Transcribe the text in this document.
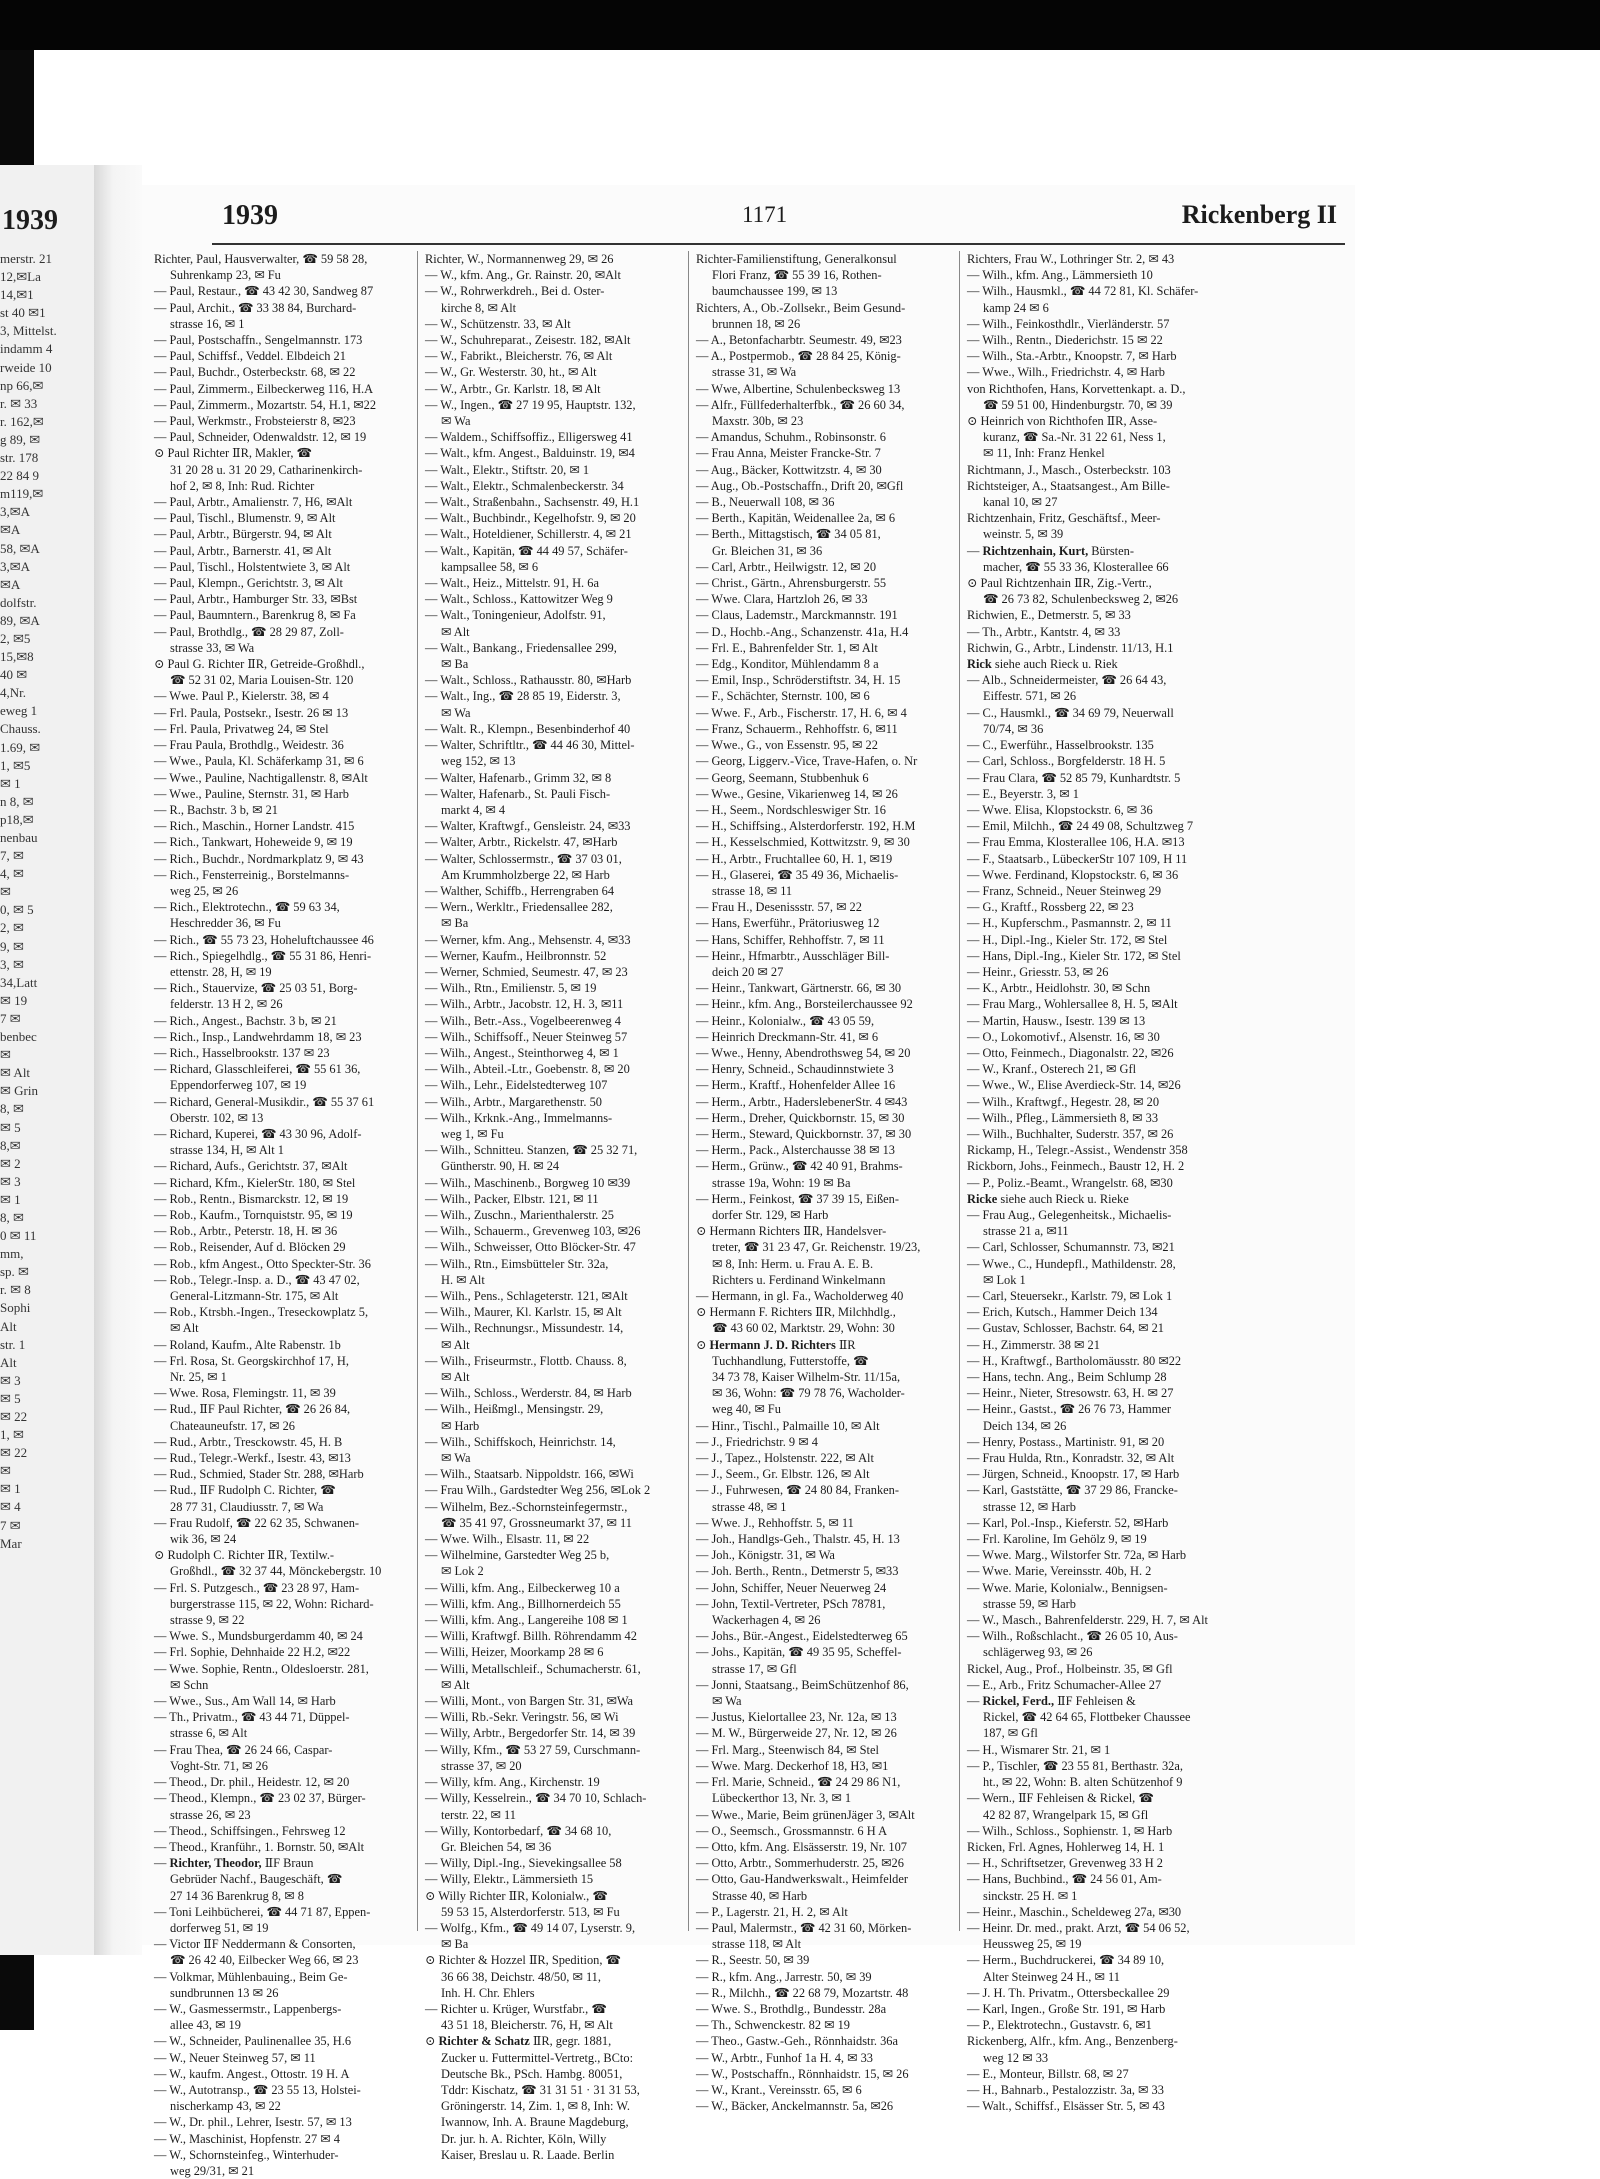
1939
merstr. 21
12,✉La
14,✉1
st 40 ✉1
3, Mittelst.
indamm 4
rweide 10
np 66,✉
r. ✉ 33
r. 162,✉
g 89, ✉
str. 178
22 84 9
m119,✉
3,✉A
✉A
58, ✉A
3,✉A
✉A
dolfstr.
89, ✉A
2, ✉5
15,✉8
40 ✉
4,Nr.
eweg 1
Chauss.
1.69, ✉
1, ✉5
✉ 1
n 8, ✉
p18,✉
nenbau
7, ✉
4, ✉
✉
0, ✉ 5
2, ✉
9, ✉
3, ✉
34,Latt
✉ 19
7 ✉
benbec
✉
✉ Alt
✉ Grin
8, ✉
✉ 5
8,✉
✉ 2
✉ 3
✉ 1
8, ✉
0 ✉ 11
mm,
sp. ✉
r. ✉ 8
Sophi
Alt
str. 1
Alt
✉ 3
✉ 5
✉ 22
1, ✉
✉ 22
✉
✉ 1
✉ 4
7 ✉
Mar
1939	1171	Rickenberg II

Richter, Paul, Hausverwalter, ☎ 59 58 28,

Suhrenkamp 23, ✉ Fu

— Paul, Restaur., ☎ 43 42 30, Sandweg 87

— Paul, Archit., ☎ 33 38 84, Burchard-

strasse 16, ✉ 1

— Paul, Postschaffn., Sengelmannstr. 173

— Paul, Schiffsf., Veddel. Elbdeich 21

— Paul, Buchdr., Osterbeckstr. 68, ✉ 22

— Paul, Zimmerm., Eilbeckerweg 116, H.A

— Paul, Zimmerm., Mozartstr. 54, H.1, ✉22

— Paul, Werkmstr., Frobsteierstr 8, ✉23

— Paul, Schneider, Odenwaldstr. 12, ✉ 19

⊙ Paul Richter ⅡR, Makler, ☎

31 20 28 u. 31 20 29, Catharinenkirch-

hof 2, ✉ 8, Inh: Rud. Richter

— Paul, Arbtr., Amalienstr. 7, H6, ✉Alt

— Paul, Tischl., Blumenstr. 9, ✉ Alt

— Paul, Arbtr., Bürgerstr. 94, ✉ Alt

— Paul, Arbtr., Barnerstr. 41, ✉ Alt

— Paul, Tischl., Holstentwiete 3, ✉ Alt

— Paul, Klempn., Gerichtstr. 3, ✉ Alt

— Paul, Arbtr., Hamburger Str. 33, ✉Bst

— Paul, Baumntern., Barenkrug 8, ✉ Fa

— Paul, Brothdlg., ☎ 28 29 87, Zoll-

strasse 33, ✉ Wa

⊙ Paul G. Richter ⅡR, Getreide-Großhdl.,

☎ 52 31 02, Maria Louisen-Str. 120

— Wwe. Paul P., Kielerstr. 38, ✉ 4

— Frl. Paula, Postsekr., Isestr. 26 ✉ 13

— Frl. Paula, Privatweg 24, ✉ Stel

— Frau Paula, Brothdlg., Weidestr. 36

— Wwe., Paula, Kl. Schäferkamp 31, ✉ 6

— Wwe., Pauline, Nachtigallenstr. 8, ✉Alt

— Wwe., Pauline, Sternstr. 31, ✉ Harb

— R., Bachstr. 3 b, ✉ 21

— Rich., Maschin., Horner Landstr. 415

— Rich., Tankwart, Hoheweide 9, ✉ 19

— Rich., Buchdr., Nordmarkplatz 9, ✉ 43

— Rich., Fensterreinig., Borstelmanns-

weg 25, ✉ 26

— Rich., Elektrotechn., ☎ 59 63 34,

Heschredder 36, ✉ Fu

— Rich., ☎ 55 73 23, Hoheluftchaussee 46

— Rich., Spiegelhdlg., ☎ 55 31 86, Henri-

ettenstr. 28, H, ✉ 19

— Rich., Stauervize, ☎ 25 03 51, Borg-

felderstr. 13 H 2, ✉ 26

— Rich., Angest., Bachstr. 3 b, ✉ 21

— Rich., Insp., Landwehrdamm 18, ✉ 23

— Rich., Hasselbrookstr. 137 ✉ 23

— Richard, Glasschleiferei, ☎ 55 61 36,

Eppendorferweg 107, ✉ 19

— Richard, General-Musikdir., ☎ 55 37 61

Oberstr. 102, ✉ 13

— Richard, Kuperei, ☎ 43 30 96, Adolf-

strasse 134, H, ✉ Alt 1

— Richard, Aufs., Gerichtstr. 37, ✉Alt

— Richard, Kfm., KielerStr. 180, ✉ Stel

— Rob., Rentn., Bismarckstr. 12, ✉ 19

— Rob., Kaufm., Tornquiststr. 95, ✉ 19

— Rob., Arbtr., Peterstr. 18, H. ✉ 36

— Rob., Reisender, Auf d. Blöcken 29

— Rob., kfm Angest., Otto Speckter-Str. 36

— Rob., Telegr.-Insp. a. D., ☎ 43 47 02,

General-Litzmann-Str. 175, ✉ Alt

— Rob., Ktrsbh.-Ingen., Treseckowplatz 5,

✉ Alt

— Roland, Kaufm., Alte Rabenstr. 1b

— Frl. Rosa, St. Georgskirchhof 17, H,

Nr. 25, ✉ 1

— Wwe. Rosa, Flemingstr. 11, ✉ 39

— Rud., ⅡF Paul Richter, ☎ 26 26 84,

Chateauneufstr. 17, ✉ 26

— Rud., Arbtr., Tresckowstr. 45, H. B

— Rud., Telegr.-Werkf., Isestr. 43, ✉13

— Rud., Schmied, Stader Str. 288, ✉Harb

— Rud., ⅡF Rudolph C. Richter, ☎

28 77 31, Claudiusstr. 7, ✉ Wa

— Frau Rudolf, ☎ 22 62 35, Schwanen-

wik 36, ✉ 24

⊙ Rudolph C. Richter ⅡR, Textilw.-

Großhdl., ☎ 32 37 44, Mönckebergstr. 10

— Frl. S. Putzgesch., ☎ 23 28 97, Ham-

burgerstrasse 115, ✉ 22, Wohn: Richard-

strasse 9, ✉ 22

— Wwe. S., Mundsburgerdamm 40, ✉ 24

— Frl. Sophie, Dehnhaide 22 H.2, ✉22

— Wwe. Sophie, Rentn., Oldesloerstr. 281,

✉ Schn

— Wwe., Sus., Am Wall 14, ✉ Harb

— Th., Privatm., ☎ 43 44 71, Düppel-

strasse 6, ✉ Alt

— Frau Thea, ☎ 26 24 66, Caspar-

Voght-Str. 71, ✉ 26

— Theod., Dr. phil., Heidestr. 12, ✉ 20

— Theod., Klempn., ☎ 23 02 37, Bürger-

strasse 26, ✉ 23

— Theod., Schiffsingen., Fehrsweg 12

— Theod., Kranführ., 1. Bornstr. 50, ✉Alt

— Richter, Theodor, ⅡF Braun

Gebrüder Nachf., Baugeschäft, ☎

27 14 36 Barenkrug 8, ✉ 8

— Toni Leihbücherei, ☎ 44 71 87, Eppen-

dorferweg 51, ✉ 19

— Victor ⅡF Neddermann & Consorten,

☎ 26 42 40, Eilbecker Weg 66, ✉ 23

— Volkmar, Mühlenbauing., Beim Ge-

sundbrunnen 13 ✉ 26

— W., Gasmessermstr., Lappenbergs-

allee 43, ✉ 19

— W., Schneider, Paulinenallee 35, H.6

— W., Neuer Steinweg 57, ✉ 11

— W., kaufm. Angest., Ottostr. 19 H. A

— W., Autotransp., ☎ 23 55 13, Holstei-

nischerkamp 43, ✉ 22

— W., Dr. phil., Lehrer, Isestr. 57, ✉ 13

— W., Maschinist, Hopfenstr. 27 ✉ 4

— W., Schornsteinfeg., Winterhuder-

weg 29/31, ✉ 21

Richter, W., Normannenweg 29, ✉ 26

— W., kfm. Ang., Gr. Rainstr. 20, ✉Alt

— W., Rohrwerkdreh., Bei d. Oster-

kirche 8, ✉ Alt

— W., Schützenstr. 33, ✉ Alt

— W., Schuhreparat., Zeisestr. 182, ✉Alt

— W., Fabrikt., Bleicherstr. 76, ✉ Alt

— W., Gr. Westerstr. 30, ht., ✉ Alt

— W., Arbtr., Gr. Karlstr. 18, ✉ Alt

— W., Ingen., ☎ 27 19 95, Hauptstr. 132,

✉ Wa

— Waldem., Schiffsoffiz., Elligersweg 41

— Walt., kfm. Angest., Balduinstr. 19, ✉4

— Walt., Elektr., Stiftstr. 20, ✉ 1

— Walt., Elektr., Schmalenbeckerstr. 34

— Walt., Straßenbahn., Sachsenstr. 49, H.1

— Walt., Buchbindr., Kegelhofstr. 9, ✉ 20

— Walt., Hoteldiener, Schillerstr. 4, ✉ 21

— Walt., Kapitän, ☎ 44 49 57, Schäfer-

kampsallee 58, ✉ 6

— Walt., Heiz., Mittelstr. 91, H. 6a

— Walt., Schloss., Kattowitzer Weg 9

— Walt., Toningenieur, Adolfstr. 91,

✉ Alt

— Walt., Bankang., Friedensallee 299,

✉ Ba

— Walt., Schloss., Rathausstr. 80, ✉Harb

— Walt., Ing., ☎ 28 85 19, Eiderstr. 3,

✉ Wa

— Walt. R., Klempn., Besenbinderhof 40

— Walter, Schriftltr., ☎ 44 46 30, Mittel-

weg 152, ✉ 13

— Walter, Hafenarb., Grimm 32, ✉ 8

— Walter, Hafenarb., St. Pauli Fisch-

markt 4, ✉ 4

— Walter, Kraftwgf., Gensleistr. 24, ✉33

— Walter, Arbtr., Rickelstr. 47, ✉Harb

— Walter, Schlossermstr., ☎ 37 03 01,

Am Krummholzberge 22, ✉ Harb

— Walther, Schiffb., Herrengraben 64

— Wern., Werkltr., Friedensallee 282,

✉ Ba

— Werner, kfm. Ang., Mehsenstr. 4, ✉33

— Werner, Kaufm., Heilbronnstr. 52

— Werner, Schmied, Seumestr. 47, ✉ 23

— Wilh., Rtn., Emilienstr. 5, ✉ 19

— Wilh., Arbtr., Jacobstr. 12, H. 3, ✉11

— Wilh., Betr.-Ass., Vogelbeerenweg 4

— Wilh., Schiffsoff., Neuer Steinweg 57

— Wilh., Angest., Steinthorweg 4, ✉ 1

— Wilh., Abteil.-Ltr., Goebenstr. 8, ✉ 20

— Wilh., Lehr., Eidelstedterweg 107

— Wilh., Arbtr., Margarethenstr. 50

— Wilh., Krknk.-Ang., Immelmanns-

weg 1, ✉ Fu

— Wilh., Schnitteu. Stanzen, ☎ 25 32 71,

Güntherstr. 90, H. ✉ 24

— Wilh., Maschinenb., Borgweg 10 ✉39

— Wilh., Packer, Elbstr. 121, ✉ 11

— Wilh., Zuschn., Marienthalerstr. 25

— Wilh., Schauerm., Grevenweg 103, ✉26

— Wilh., Schweisser, Otto Blöcker-Str. 47

— Wilh., Rtn., Eimsbütteler Str. 32a,

H. ✉ Alt

— Wilh., Pens., Schlageterstr. 121, ✉Alt

— Wilh., Maurer, Kl. Karlstr. 15, ✉ Alt

— Wilh., Rechnungsr., Missundestr. 14,

✉ Alt

— Wilh., Friseurmstr., Flottb. Chauss. 8,

✉ Alt

— Wilh., Schloss., Werderstr. 84, ✉ Harb

— Wilh., Heißmgl., Mensingstr. 29,

✉ Harb

— Wilh., Schiffskoch, Heinrichstr. 14,

✉ Wa

— Wilh., Staatsarb. Nippoldstr. 166, ✉Wi

— Frau Wilh., Gardstedter Weg 256, ✉Lok 2

— Wilhelm, Bez.-Schornsteinfegermstr.,

☎ 35 41 97, Grossneumarkt 37, ✉ 11

— Wwe. Wilh., Elsastr. 11, ✉ 22

— Wilhelmine, Garstedter Weg 25 b,

✉ Lok 2

— Willi, kfm. Ang., Eilbeckerweg 10 a

— Willi, kfm. Ang., Billhornerdeich 55

— Willi, kfm. Ang., Langereihe 108 ✉ 1

— Willi, Kraftwgf. Billh. Röhrendamm 42

— Willi, Heizer, Moorkamp 28 ✉ 6

— Willi, Metallschleif., Schumacherstr. 61,

✉ Alt

— Willi, Mont., von Bargen Str. 31, ✉Wa

— Willi, Rb.-Sekr. Veringstr. 56, ✉ Wi

— Willy, Arbtr., Bergedorfer Str. 14, ✉ 39

— Willy, Kfm., ☎ 53 27 59, Curschmann-

strasse 37, ✉ 20

— Willy, kfm. Ang., Kirchenstr. 19

— Willy, Kesselrein., ☎ 34 70 10, Schlach-

terstr. 22, ✉ 11

— Willy, Kontorbedarf, ☎ 34 68 10,

Gr. Bleichen 54, ✉ 36

— Willy, Dipl.-Ing., Sievekingsallee 58

— Willy, Elektr., Lämmersieth 15

⊙ Willy Richter ⅡR, Kolonialw., ☎

59 53 15, Alsterdorferstr. 513, ✉ Fu

— Wolfg., Kfm., ☎ 49 14 07, Lyserstr. 9,

✉ Ba

⊙ Richter & Hozzel ⅡR, Spedition, ☎

36 66 38, Deichstr. 48/50, ✉ 11,

Inh. H. Chr. Ehlers

— Richter u. Krüger, Wurstfabr., ☎

43 51 18, Bleicherstr. 76, H, ✉ Alt

⊙ Richter & Schatz ⅡR, gegr. 1881,

Zucker u. Futtermittel-Vertretg., BCto:

Deutsche Bk., PSch. Hambg. 80051,

Tddr: Kischatz, ☎ 31 31 51 · 31 31 53,

Gröningerstr. 14, Zim. 1, ✉ 8, Inh: W.

Iwannow, Inh. A. Braune Magdeburg,

Dr. jur. h. A. Richter, Köln, Willy

Kaiser, Breslau u. R. Laade. Berlin

Richter-Familienstiftung, Generalkonsul

Flori Franz, ☎ 55 39 16, Rothen-

baumchaussee 199, ✉ 13

Richters, A., Ob.-Zollsekr., Beim Gesund-

brunnen 18, ✉ 26

— A., Betonfacharbtr. Seumestr. 49, ✉23

— A., Postpermob., ☎ 28 84 25, König-

strasse 31, ✉ Wa

— Wwe, Albertine, Schulenbecksweg 13

— Alfr., Füllfederhalterfbk., ☎ 26 60 34,

Maxstr. 30b, ✉ 23

— Amandus, Schuhm., Robinsonstr. 6

— Frau Anna, Meister Francke-Str. 7

— Aug., Bäcker, Kottwitzstr. 4, ✉ 30

— Aug., Ob.-Postschaffn., Drift 20, ✉Gfl

— B., Neuerwall 108, ✉ 36

— Berth., Kapitän, Weidenallee 2a, ✉ 6

— Berth., Mittagstisch, ☎ 34 05 81,

Gr. Bleichen 31, ✉ 36

— Carl, Arbtr., Heilwigstr. 12, ✉ 20

— Christ., Gärtn., Ahrensburgerstr. 55

— Wwe. Clara, Hartzloh 26, ✉ 33

— Claus, Lademstr., Marckmannstr. 191

— D., Hochb.-Ang., Schanzenstr. 41a, H.4

— Frl. E., Bahrenfelder Str. 1, ✉ Alt

— Edg., Konditor, Mühlendamm 8 a

— Emil, Insp., Schröderstiftstr. 34, H. 15

— F., Schächter, Sternstr. 100, ✉ 6

— Wwe. F., Arb., Fischerstr. 17, H. 6, ✉ 4

— Franz, Schauerm., Rehhoffstr. 6, ✉11

— Wwe., G., von Essenstr. 95, ✉ 22

— Georg, Liggerv.-Vice, Trave-Hafen, o. Nr

— Georg, Seemann, Stubbenhuk 6

— Wwe., Gesine, Vikarienweg 14, ✉ 26

— H., Seem., Nordschleswiger Str. 16

— H., Schiffsing., Alsterdorferstr. 192, H.M

— H., Kesselschmied, Kottwitzstr. 9, ✉ 30

— H., Arbtr., Fruchtallee 60, H. 1, ✉19

— H., Glaserei, ☎ 35 49 36, Michaelis-

strasse 18, ✉ 11

— Frau H., Desenissstr. 57, ✉ 22

— Hans, Ewerführ., Prätoriusweg 12

— Hans, Schiffer, Rehhoffstr. 7, ✉ 11

— Heinr., Hfmarbtr., Ausschläger Bill-

deich 20 ✉ 27

— Heinr., Tankwart, Gärtnerstr. 66, ✉ 30

— Heinr., kfm. Ang., Borsteilerchaussee 92

— Heinr., Kolonialw., ☎ 43 05 59,

— Heinrich Dreckmann-Str. 41, ✉ 6

— Wwe., Henny, Abendrothsweg 54, ✉ 20

— Henry, Schneid., Schaudinnstwiete 3

— Herm., Kraftf., Hohenfelder Allee 16

— Herm., Arbtr., HaderslebenerStr. 4 ✉43

— Herm., Dreher, Quickbornstr. 15, ✉ 30

— Herm., Steward, Quickbornstr. 37, ✉ 30

— Herm., Pack., Alsterchausse 38 ✉ 13

— Herm., Grünw., ☎ 42 40 91, Brahms-

strasse 19a, Wohn: 19 ✉ Ba

— Herm., Feinkost, ☎ 37 39 15, Eißen-

dorfer Str. 129, ✉ Harb

⊙ Hermann Richters ⅡR, Handelsver-

treter, ☎ 31 23 47, Gr. Reichenstr. 19/23,

✉ 8, Inh: Herm. u. Frau A. E. B.

Richters u. Ferdinand Winkelmann

— Hermann, in gl. Fa., Wacholderweg 40

⊙ Hermann F. Richters ⅡR, Milchhdlg.,

☎ 43 60 02, Marktstr. 29, Wohn: 30

⊙ Hermann J. D. Richters ⅡR

Tuchhandlung, Futterstoffe, ☎

34 73 78, Kaiser Wilhelm-Str. 11/15a,

✉ 36, Wohn: ☎ 79 78 76, Wacholder-

weg 40, ✉ Fu

— Hinr., Tischl., Palmaille 10, ✉ Alt

— J., Friedrichstr. 9 ✉ 4

— J., Tapez., Holstenstr. 222, ✉ Alt

— J., Seem., Gr. Elbstr. 126, ✉ Alt

— J., Fuhrwesen, ☎ 24 80 84, Franken-

strasse 48, ✉ 1

— Wwe. J., Rehhoffstr. 5, ✉ 11

— Joh., Handlgs-Geh., Thalstr. 45, H. 13

— Joh., Königstr. 31, ✉ Wa

— Joh. Berth., Rentn., Detmerstr 5, ✉33

— John, Schiffer, Neuer Neuerweg 24

— John, Textil-Vertreter, PSch 78781,

Wackerhagen 4, ✉ 26

— Johs., Bür.-Angest., Eidelstedterweg 65

— Johs., Kapitän, ☎ 49 35 95, Scheffel-

strasse 17, ✉ Gfl

— Jonni, Staatsang., BeimSchützenhof 86,

✉ Wa

— Justus, Kielortallee 23, Nr. 12a, ✉ 13

— M. W., Bürgerweide 27, Nr. 12, ✉ 26

— Frl. Marg., Steenwisch 84, ✉ Stel

— Wwe. Marg. Deckerhof 18, H3, ✉1

— Frl. Marie, Schneid., ☎ 24 29 86 N1,

Lübeckerthor 13, Nr. 3, ✉ 1

— Wwe., Marie, Beim grünenJäger 3, ✉Alt

— O., Seemsch., Grossmannstr. 6 H A

— Otto, kfm. Ang. Elsässerstr. 19, Nr. 107

— Otto, Arbtr., Sommerhuderstr. 25, ✉26

— Otto, Gau-Handwerkswalt., Heimfelder

Strasse 40, ✉ Harb

— P., Lagerstr. 21, H. 2, ✉ Alt

— Paul, Malermstr., ☎ 42 31 60, Mörken-

strasse 118, ✉ Alt

— R., Seestr. 50, ✉ 39

— R., kfm. Ang., Jarrestr. 50, ✉ 39

— R., Milchh., ☎ 22 68 79, Mozartstr. 48

— Wwe. S., Brothdlg., Bundesstr. 28a

— Th., Schwenckestr. 82 ✉ 19

— Theo., Gastw.-Geh., Rönnhaidstr. 36a

— W., Arbtr., Funhof 1a H. 4, ✉ 33

— W., Postschaffn., Rönnhaidstr. 15, ✉ 26

— W., Krant., Vereinsstr. 65, ✉ 6

— W., Bäcker, Anckelmannstr. 5a, ✉26

Richters, Frau W., Lothringer Str. 2, ✉ 43

— Wilh., kfm. Ang., Lämmersieth 10

— Wilh., Hausmkl., ☎ 44 72 81, Kl. Schäfer-

kamp 24 ✉ 6

— Wilh., Feinkosthdlr., Vierländerstr. 57

— Wilh., Rentn., Diederichstr. 15 ✉ 22

— Wilh., Sta.-Arbtr., Knoopstr. 7, ✉ Harb

— Wwe., Wilh., Friedrichstr. 4, ✉ Harb

von Richthofen, Hans, Korvettenkapt. a. D.,

☎ 59 51 00, Hindenburgstr. 70, ✉ 39

⊙ Heinrich von Richthofen ⅡR, Asse-

kuranz, ☎ Sa.-Nr. 31 22 61, Ness 1,

✉ 11, Inh: Franz Henkel

Richtmann, J., Masch., Osterbeckstr. 103

Richtsteiger, A., Staatsangest., Am Bille-

kanal 10, ✉ 27

Richtzenhain, Fritz, Geschäftsf., Meer-

weinstr. 5, ✉ 39

— Richtzenhain, Kurt, Bürsten-

macher, ☎ 55 33 36, Klosterallee 66

⊙ Paul Richtzenhain ⅡR, Zig.-Vertr.,

☎ 26 73 82, Schulenbecksweg 2, ✉26

Richwien, E., Detmerstr. 5, ✉ 33

— Th., Arbtr., Kantstr. 4, ✉ 33

Richwin, G., Arbtr., Lindenstr. 11/13, H.1

Rick siehe auch Rieck u. Riek

— Alb., Schneidermeister, ☎ 26 64 43,

Eiffestr. 571, ✉ 26

— C., Hausmkl., ☎ 34 69 79, Neuerwall

70/74, ✉ 36

— C., Ewerführ., Hasselbrookstr. 135

— Carl, Schloss., Borgfelderstr. 18 H. 5

— Frau Clara, ☎ 52 85 79, Kunhardtstr. 5

— E., Beyerstr. 3, ✉ 1

— Wwe. Elisa, Klopstockstr. 6, ✉ 36

— Emil, Milchh., ☎ 24 49 08, Schultzweg 7

— Frau Emma, Klosterallee 106, H.A. ✉13

— F., Staatsarb., LübeckerStr 107 109, H 11

— Wwe. Ferdinand, Klopstockstr. 6, ✉ 36

— Franz, Schneid., Neuer Steinweg 29

— G., Kraftf., Rossberg 22, ✉ 23

— H., Kupferschm., Pasmannstr. 2, ✉ 11

— H., Dipl.-Ing., Kieler Str. 172, ✉ Stel

— Hans, Dipl.-Ing., Kieler Str. 172, ✉ Stel

— Heinr., Griesstr. 53, ✉ 26

— K., Arbtr., Heidlohstr. 30, ✉ Schn

— Frau Marg., Wohlersallee 8, H. 5, ✉Alt

— Martin, Hausw., Isestr. 139 ✉ 13

— O., Lokomotivf., Alsenstr. 16, ✉ 30

— Otto, Feinmech., Diagonalstr. 22, ✉26

— W., Kranf., Osterech 21, ✉ Gfl

— Wwe., W., Elise Averdieck-Str. 14, ✉26

— Wilh., Kraftwgf., Hegestr. 28, ✉ 20

— Wilh., Pfleg., Lämmersieth 8, ✉ 33

— Wilh., Buchhalter, Suderstr. 357, ✉ 26

Rickamp, H., Telegr.-Assist., Wendenstr 358

Rickborn, Johs., Feinmech., Baustr 12, H. 2

— P., Poliz.-Beamt., Wrangelstr. 68, ✉30

Ricke siehe auch Rieck u. Rieke

— Frau Aug., Gelegenheitsk., Michaelis-

strasse 21 a, ✉11

— Carl, Schlosser, Schumannstr. 73, ✉21

— Wwe., C., Hundepfl., Mathildenstr. 28,

✉ Lok 1

— Carl, Steuersekr., Karlstr. 79, ✉ Lok 1

— Erich, Kutsch., Hammer Deich 134

— Gustav, Schlosser, Bachstr. 64, ✉ 21

— H., Zimmerstr. 38 ✉ 21

— H., Kraftwgf., Bartholomäusstr. 80 ✉22

— Hans, techn. Ang., Beim Schlump 28

— Heinr., Nieter, Stresowstr. 63, H. ✉ 27

— Heinr., Gastst., ☎ 26 76 73, Hammer

Deich 134, ✉ 26

— Henry, Postass., Martinistr. 91, ✉ 20

— Frau Hulda, Rtn., Konradstr. 32, ✉ Alt

— Jürgen, Schneid., Knoopstr. 17, ✉ Harb

— Karl, Gaststätte, ☎ 37 29 86, Francke-

strasse 12, ✉ Harb

— Karl, Pol.-Insp., Kieferstr. 52, ✉Harb

— Frl. Karoline, Im Gehölz 9, ✉ 19

— Wwe. Marg., Wilstorfer Str. 72a, ✉ Harb

— Wwe. Marie, Vereinsstr. 40b, H. 2

— Wwe. Marie, Kolonialw., Bennigsen-

strasse 59, ✉ Harb

— W., Masch., Bahrenfelderstr. 229, H. 7, ✉ Alt

— Wilh., Roßschlacht., ☎ 26 05 10, Aus-

schlägerweg 93, ✉ 26

Rickel, Aug., Prof., Holbeinstr. 35, ✉ Gfl

— E., Arb., Fritz Schumacher-Allee 27

— Rickel, Ferd., ⅡF Fehleisen &

Rickel, ☎ 42 64 65, Flottbeker Chaussee

187, ✉ Gfl

— H., Wismarer Str. 21, ✉ 1

— P., Tischler, ☎ 23 55 81, Berthastr. 32a,

ht., ✉ 22, Wohn: B. alten Schützenhof 9

— Wern., ⅡF Fehleisen & Rickel, ☎

42 82 87, Wrangelpark 15, ✉ Gfl

— Wilh., Schloss., Sophienstr. 1, ✉ Harb

Ricken, Frl. Agnes, Hohlerweg 14, H. 1

— H., Schriftsetzer, Grevenweg 33 H 2

— Hans, Buchbind., ☎ 24 56 01, Am-

sinckstr. 25 H. ✉ 1

— Heinr., Maschin., Scheldeweg 27a, ✉30

— Heinr. Dr. med., prakt. Arzt, ☎ 54 06 52,

Heussweg 25, ✉ 19

— Herm., Buchdruckerei, ☎ 34 89 10,

Alter Steinweg 24 H., ✉ 11

— J. H. Th. Privatm., Ottersbeckallee 29

— Karl, Ingen., Große Str. 191, ✉ Harb

— P., Elektrotechn., Gustavstr. 6, ✉1

Rickenberg, Alfr., kfm. Ang., Benzenberg-

weg 12 ✉ 33

— E., Monteur, Billstr. 68, ✉ 27

— H., Bahnarb., Pestalozzistr. 3a, ✉ 33

— Walt., Schiffsf., Elsässer Str. 5, ✉ 43
